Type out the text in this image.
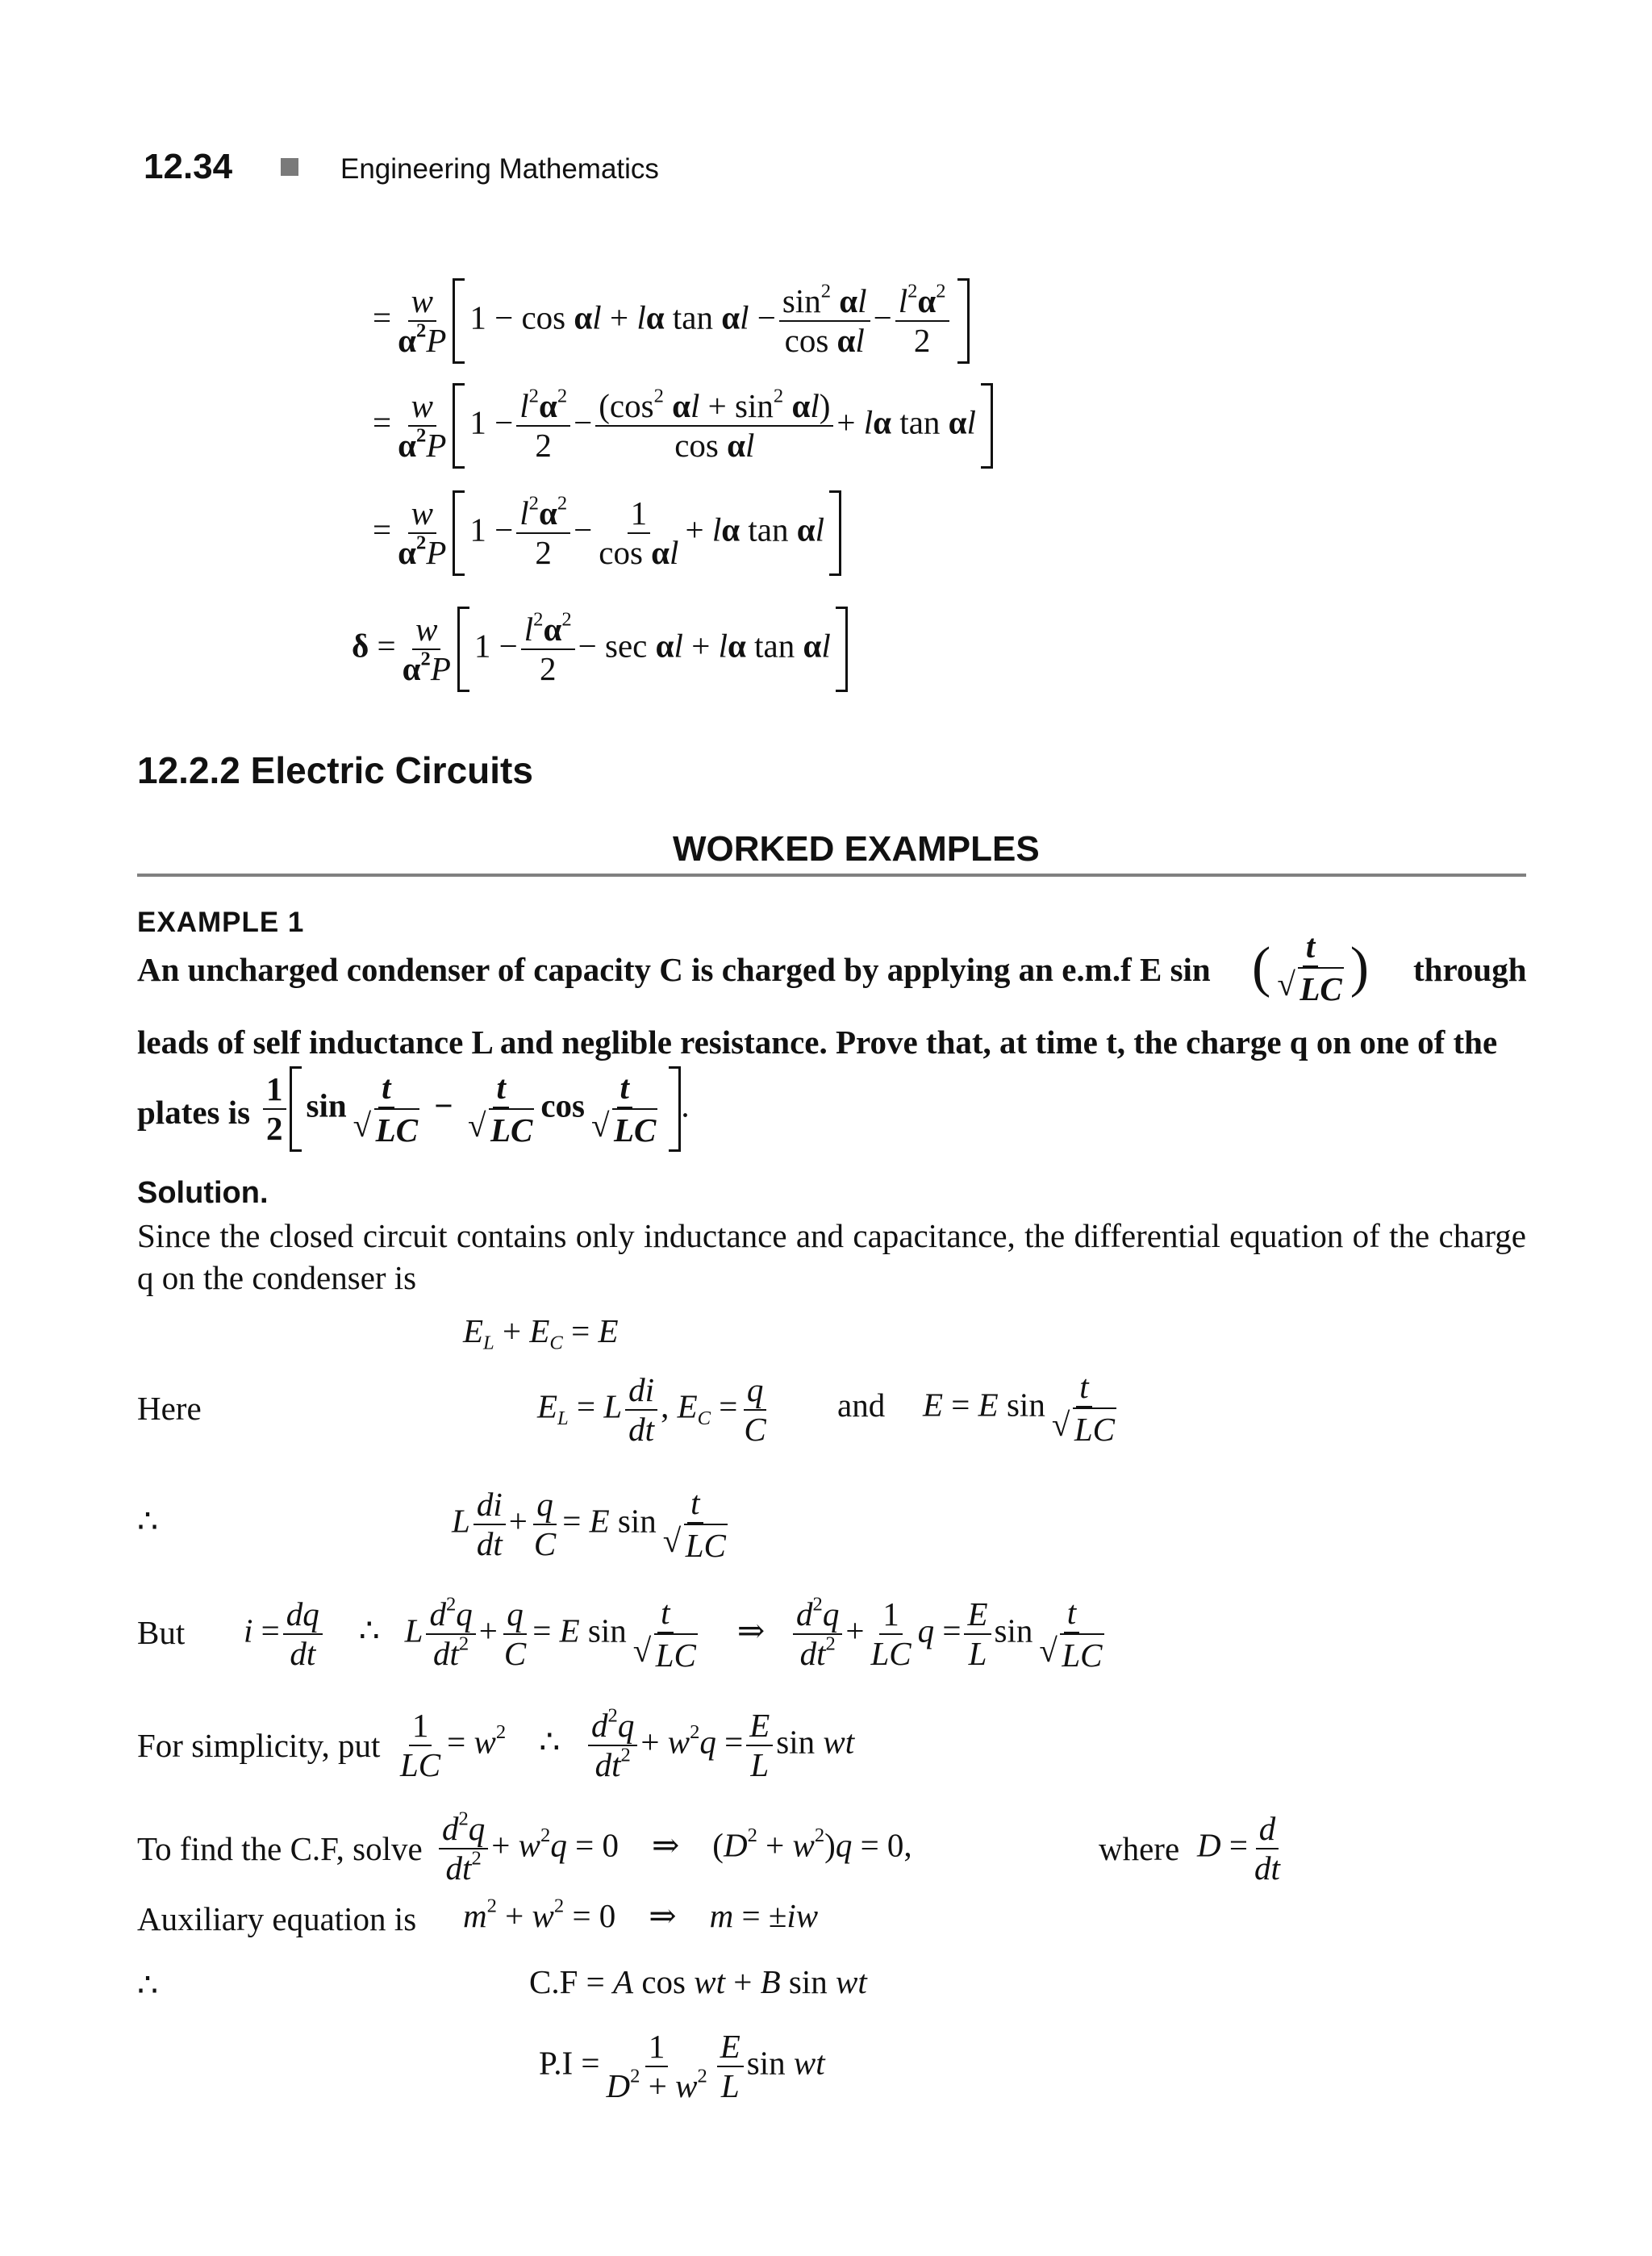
12.34	Engineering Mathematics
= $\frac{w}{\alpha^2P} 1 - \cos \alpha l + l\alpha$ $\tan \alpha l - \frac{\sin^2 \alpha l}{\text{cos αl}} - \frac{l^2\alpha^2}{2}$
= $\frac{w}{\alpha^2P} 1 - \frac{l^2\alpha^2}{2} - \frac{(\cos^2 \alpha l + \sin^2 \alpha l)}{\text{cos αl}} + l\alpha$ tan αl
= $\frac{w}{\alpha^2P} 1 - \frac{l^2\alpha^2}{2} - \frac{1}{\text{cos αl}} + l\alpha$ tan αl
$\delta = \frac{w}{\alpha^2P} 1 - \frac{l^2\alpha^2}{2} - \sec \alpha l + l\alpha$ tan αl
12.2.2 Electric Circuits
WORKED EXAMPLES
EXAMPLE 1
An uncharged condenser of capacity C is charged by applying an e.m.f E sin ( t
√ LC ) through
leads of self inductance L and neglible resistance. Prove that, at time t, the charge q on one of the
plates is $\frac{1}{2}$ sin t
√ LC − t
√ LC cos t
√ LC .
Solution.
Since the closed circuit contains only inductance and capacitance, the differential equation of the charge q on the condenser is
$E_L + E_C = E$
Here	$E_L = L \frac{di}{dt}$ , $E_C = \frac{q}{C}$ and E = E sin t
√ LC
∴	L $\frac{di}{dt} + \frac{q}{C} = E$ sin t
√ LC
But $i = \frac{dq}{dt}$ ∴   L $\frac{d^2q}{dt^2} + \frac{q}{C} = E$ sin t
√ LC ⇒ $\frac{d^2q}{dt^2} + \frac{1}{LC}$ $q = \frac{E}{L}$ sin t
√ LC
For simplicity, put $\frac{1}{LC} = w^2$    ∴ $\frac{d^2q}{dt^2} + w^2q = \frac{E}{L}$ sin wt
To find the C.F, solve $\frac{d^2q}{dt^2} + w^2q = 0$    ⇒    $(D^2 + w^2)q = 0$,	where $D = \frac{d}{dt}$
Auxiliary equation is $m^2 + w^2 = 0$    ⇒    m = ±iw
∴	C.F = A cos wt + B sin wt
$P.I = \frac{1}{D^2 + w^2} \frac{E}{L}$ sin wt
